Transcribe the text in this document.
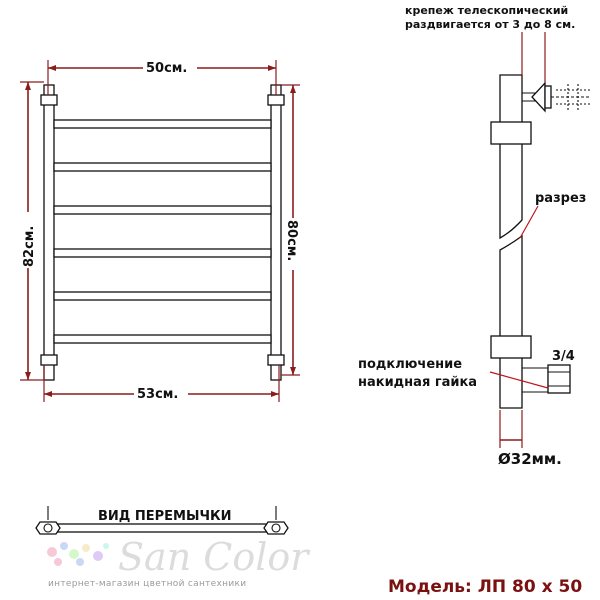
San Color
интернет-магазин цветной сантехники
50см.
53см.
82см.	80см.
крепеж телескопический
раздвигается от 3 до 8 см.
разрез
подключение
накидная гайка
3/4
Ø32мм.
ВИД ПЕРЕМЫЧКИ
Модель: ЛП 80 х 50
